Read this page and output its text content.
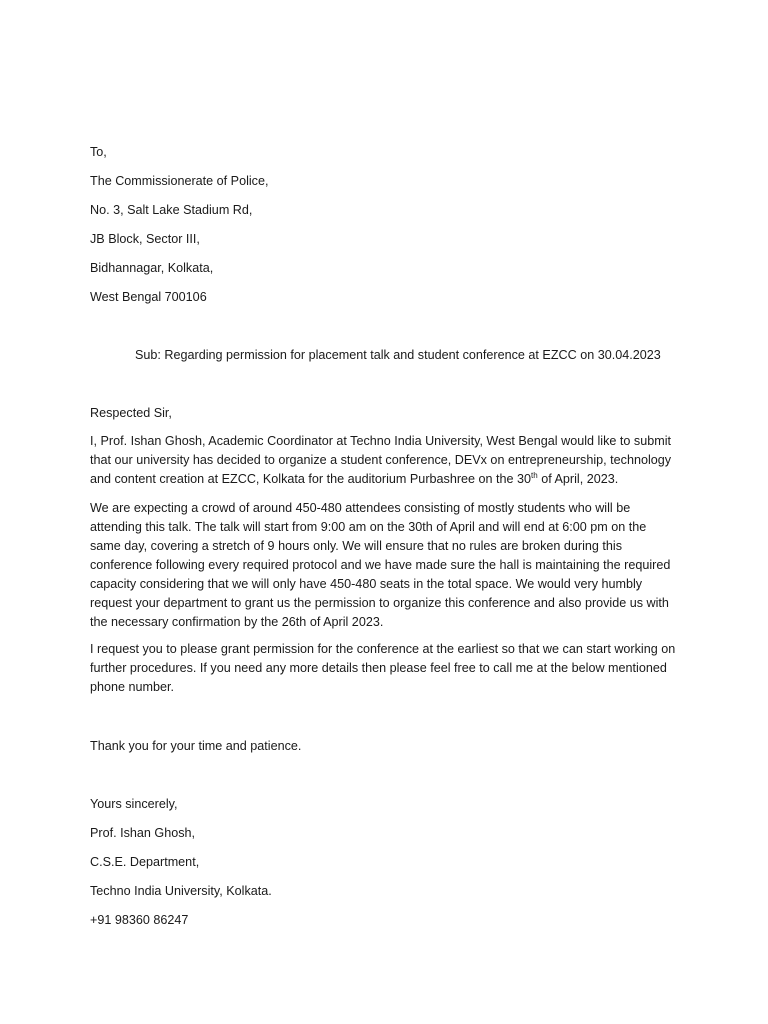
To,
The Commissionerate of Police,
No. 3, Salt Lake Stadium Rd,
JB Block, Sector III,
Bidhannagar, Kolkata,
West Bengal 700106
Sub: Regarding permission for placement talk and student conference at EZCC on 30.04.2023
Respected Sir,
I, Prof. Ishan Ghosh, Academic Coordinator at Techno India University, West Bengal would like to submit that our university has decided to organize a student conference, DEVx on entrepreneurship, technology and content creation at EZCC, Kolkata for the auditorium Purbashree on the 30th of April, 2023.
We are expecting a crowd of around 450-480 attendees consisting of mostly students who will be attending this talk. The talk will start from 9:00 am on the 30th of April and will end at 6:00 pm on the same day, covering a stretch of 9 hours only. We will ensure that no rules are broken during this conference following every required protocol and we have made sure the hall is maintaining the required capacity considering that we will only have 450-480 seats in the total space. We would very humbly request your department to grant us the permission to organize this conference and also provide us with the necessary confirmation by the 26th of April 2023.
I request you to please grant permission for the conference at the earliest so that we can start working on further procedures. If you need any more details then please feel free to call me at the below mentioned phone number.
Thank you for your time and patience.
Yours sincerely,
Prof. Ishan Ghosh,
C.S.E. Department,
Techno India University, Kolkata.
+91 98360 86247
